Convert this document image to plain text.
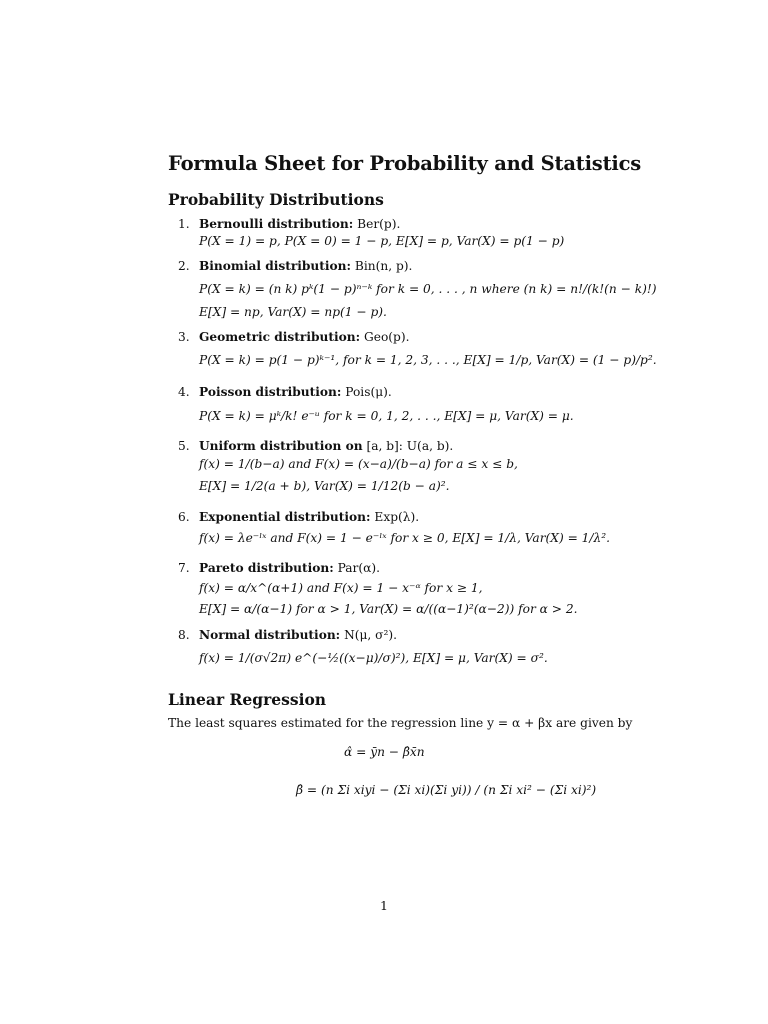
Formula Sheet for Probability and Statistics
Probability Distributions
1. Bernoulli distribution: Ber(p).
P(X = 1) = p, P(X = 0) = 1 − p, E[X] = p, Var(X) = p(1 − p)
2. Binomial distribution: Bin(n, p).
P(X = k) = (n k) pᵏ(1 − p)ⁿ⁻ᵏ for k = 0, . . . , n where (n k) = n!/(k!(n − k)!)
E[X] = np, Var(X) = np(1 − p).
3. Geometric distribution: Geo(p).
P(X = k) = p(1 − p)ᵏ⁻¹, for k = 1, 2, 3, . . ., E[X] = 1/p, Var(X) = (1 − p)/p².
4. Poisson distribution: Pois(μ).
P(X = k) = μᵏ/k! e⁻ᵘ for k = 0, 1, 2, . . ., E[X] = μ, Var(X) = μ.
5. Uniform distribution on [a, b]: U(a, b).
f(x) = 1/(b−a) and F(x) = (x−a)/(b−a) for a ≤ x ≤ b,
E[X] = 1/2(a + b), Var(X) = 1/12(b − a)².
6. Exponential distribution: Exp(λ).
f(x) = λe⁻ˡˣ and F(x) = 1 − e⁻ˡˣ for x ≥ 0, E[X] = 1/λ, Var(X) = 1/λ².
7. Pareto distribution: Par(α).
f(x) = α/x^(α+1) and F(x) = 1 − x⁻ᵅ for x ≥ 1,
E[X] = α/(α−1) for α > 1, Var(X) = α/((α−1)²(α−2)) for α > 2.
8. Normal distribution: N(μ, σ²).
f(x) = 1/(σ√2π) e^(−½((x−μ)/σ)²), E[X] = μ, Var(X) = σ².
Linear Regression
The least squares estimated for the regression line y = α + βx are given by
α̂ = ȳn − β̂x̄n
β̂ = (n Σi xiyi − (Σi xi)(Σi yi)) / (n Σi xi² − (Σi xi)²)
1
